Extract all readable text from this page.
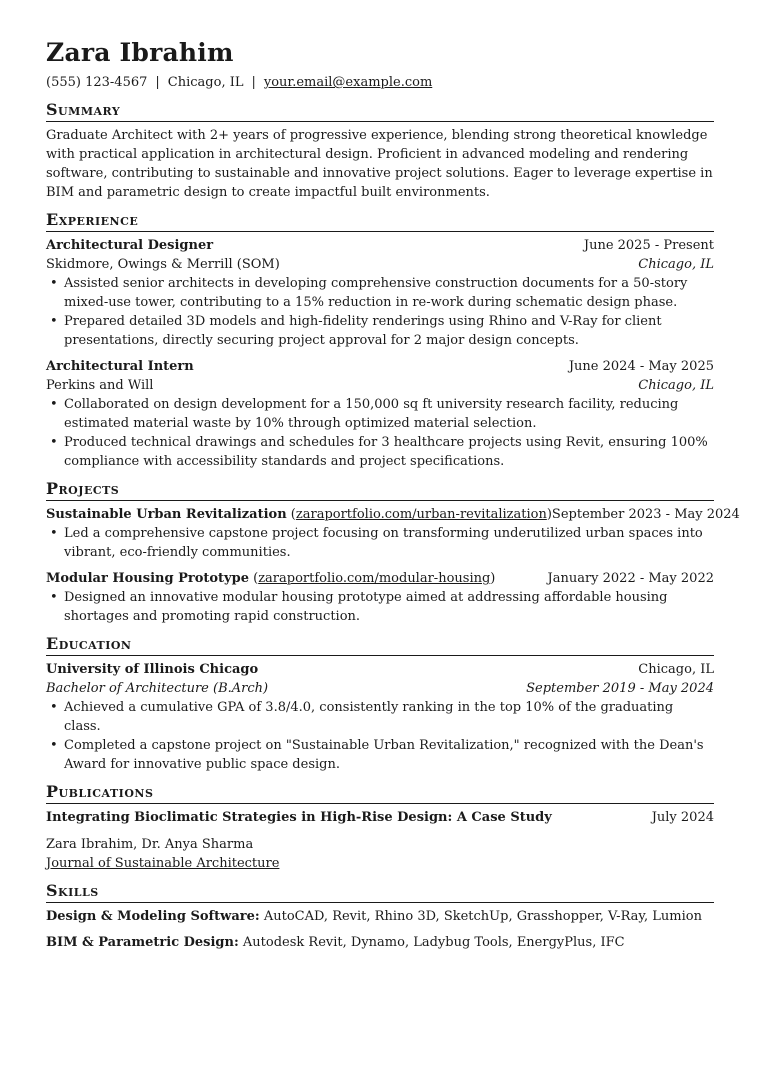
Zara Ibrahim
(555) 123-4567 | Chicago, IL | your.email@example.com
Summary
Graduate Architect with 2+ years of progressive experience, blending strong theoretical knowledge with practical application in architectural design. Proficient in advanced modeling and rendering software, contributing to sustainable and innovative project solutions. Eager to leverage expertise in BIM and parametric design to create impactful built environments.
Experience
Architectural Designer	June 2025 - Present
Skidmore, Owings & Merrill (SOM)	Chicago, IL
• Assisted senior architects in developing comprehensive construction documents for a 50-story mixed-use tower, contributing to a 15% reduction in re-work during schematic design phase.
• Prepared detailed 3D models and high-fidelity renderings using Rhino and V-Ray for client presentations, directly securing project approval for 2 major design concepts.
Architectural Intern	June 2024 - May 2025
Perkins and Will	Chicago, IL
• Collaborated on design development for a 150,000 sq ft university research facility, reducing estimated material waste by 10% through optimized material selection.
• Produced technical drawings and schedules for 3 healthcare projects using Revit, ensuring 100% compliance with accessibility standards and project specifications.
Projects
Sustainable Urban Revitalization (zaraportfolio.com/urban-revitalization) September 2023 - May 2024
• Led a comprehensive capstone project focusing on transforming underutilized urban spaces into vibrant, eco-friendly communities.
Modular Housing Prototype (zaraportfolio.com/modular-housing)	January 2022 - May 2022
• Designed an innovative modular housing prototype aimed at addressing affordable housing shortages and promoting rapid construction.
Education
University of Illinois Chicago	Chicago, IL
Bachelor of Architecture (B.Arch)	September 2019 - May 2024
• Achieved a cumulative GPA of 3.8/4.0, consistently ranking in the top 10% of the graduating class.
• Completed a capstone project on "Sustainable Urban Revitalization," recognized with the Dean's Award for innovative public space design.
Publications
Integrating Bioclimatic Strategies in High-Rise Design: A Case Study	July 2024
Zara Ibrahim, Dr. Anya Sharma
Journal of Sustainable Architecture
Skills
Design & Modeling Software: AutoCAD, Revit, Rhino 3D, SketchUp, Grasshopper, V-Ray, Lumion
BIM & Parametric Design: Autodesk Revit, Dynamo, Ladybug Tools, EnergyPlus, IFC
